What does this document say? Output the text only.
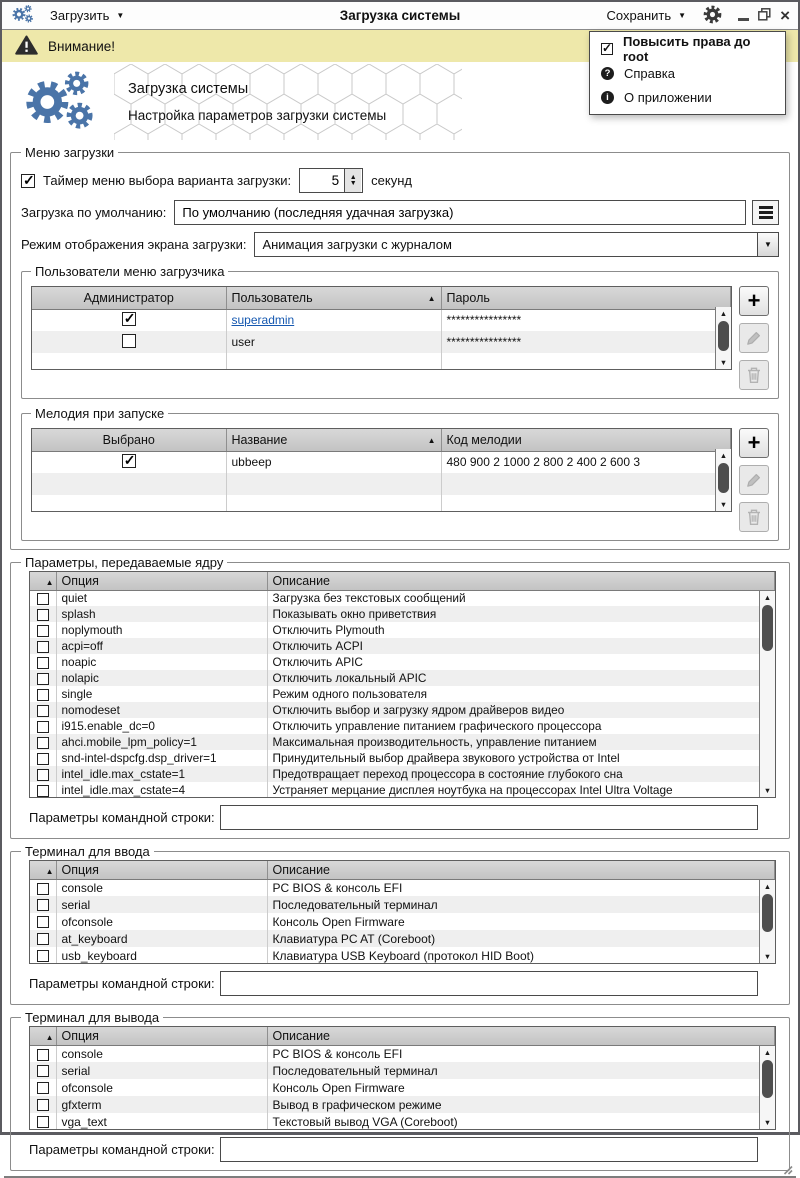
Загрузить ▼	Загрузка системы	Сохранить ▼	×
✓
Повысить права до root
? Справка
i	О приложении
Внимание!
Загрузка системы
Настройка параметров загрузки системы
Меню загрузки
✓
Таймер меню выбора варианта загрузки:
5	▲
▼ секунд
Загрузка по умолчанию:
По умолчанию (последняя удачная загрузка)
Режим отображения экрана загрузки:	Анимация загрузки с журналом	▼
Пользователи меню загрузчика
Администратор	Пользователь ▲	Пароль
✓	superadmin	****************
	user	****************

▲
▼
+
Мелодия при запуске
Выбрано	Название ▲	Код мелодии
✓	ubbeep	480 900 2 1000 2 800 2 400 2 600 3

			▲
▼
+
Параметры, передаваемые ядру
▲	Опция	Описание
	quiet	Загрузка без текстовых сообщений
	splash	Показывать окно приветствия
	noplymouth	Отключить Plymouth
	acpi=off	Отключить ACPI
	noapic	Отключить APIC
	nolapic	Отключить локальный APIC
	single	Режим одного пользователя
	nomodeset	Отключить выбор и загрузку ядром драйверов видео
	i915.enable_dc=0	Отключить управление питанием графического процессора
	ahci.mobile_lpm_policy=1	Максимальная производительность, управление питанием
	snd-intel-dspcfg.dsp_driver=1	Принудительный выбор драйвера звукового устройства от Intel
	intel_idle.max_cstate=1	Предотвращает переход процессора в состояние глубокого сна
	intel_idle.max_cstate=4	Устраняет мерцание дисплея ноутбука на процессорах Intel Ultra Voltage
▲
▼
Параметры командной строки:
Терминал для ввода
▲	Опция	Описание
	console	PC BIOS & консоль EFI
	serial	Последовательный терминал
	ofconsole	Консоль Open Firmware
	at_keyboard	Клавиатура PC AT (Coreboot)
	usb_keyboard	Клавиатура USB Keyboard (протокол HID Boot)
▲
▼
Параметры командной строки:
Терминал для вывода
▲	Опция	Описание
	console	PC BIOS & консоль EFI
	serial	Последовательный терминал
	ofconsole	Консоль Open Firmware
	gfxterm	Вывод в графическом режиме
	vga_text	Текстовый вывод VGA (Coreboot)
▲
▼
Параметры командной строки:
